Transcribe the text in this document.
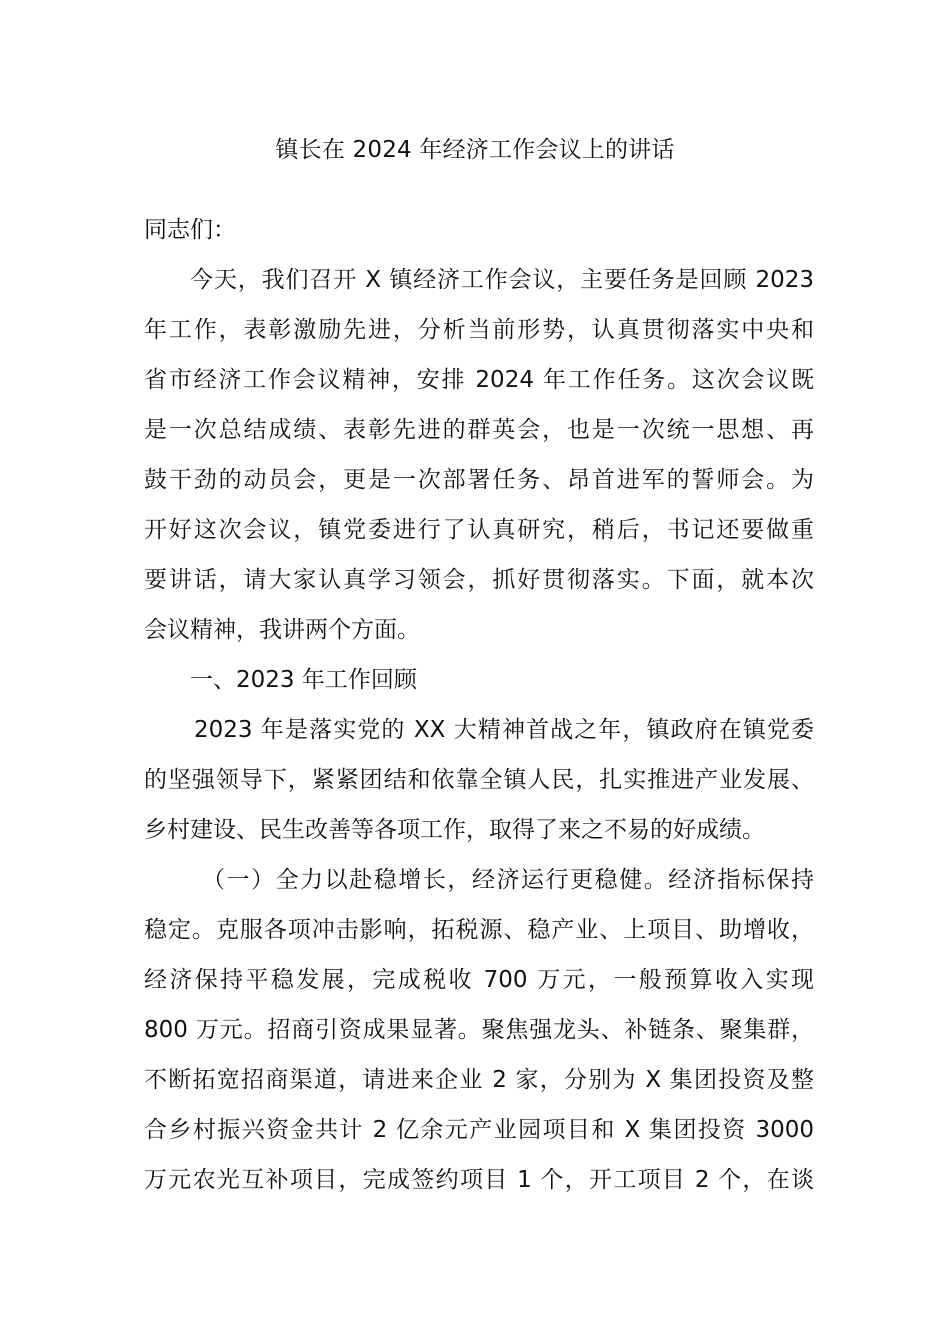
镇长在 2024 年经济工作会议上的讲话
同志们：
今天，我们召开 X 镇经济工作会议，主要任务是回顾 2023
年工作，表彰激励先进，分析当前形势，认真贯彻落实中央和
省市经济工作会议精神，安排 2024 年工作任务。这次会议既
是一次总结成绩、表彰先进的群英会，也是一次统一思想、再
鼓干劲的动员会，更是一次部署任务、昂首进军的誓师会。为
开好这次会议，镇党委进行了认真研究，稍后，书记还要做重
要讲话，请大家认真学习领会，抓好贯彻落实。下面，就本次
会议精神，我讲两个方面。
一、2023 年工作回顾
2023 年是落实党的 XX 大精神首战之年，镇政府在镇党委
的坚强领导下，紧紧团结和依靠全镇人民，扎实推进产业发展、
乡村建设、民生改善等各项工作，取得了来之不易的好成绩。
（一）全力以赴稳增长，经济运行更稳健。经济指标保持
稳定。克服各项冲击影响，拓税源、稳产业、上项目、助增收，
经济保持平稳发展，完成税收 700 万元，一般预算收入实现
800 万元。招商引资成果显著。聚焦强龙头、补链条、聚集群，
不断拓宽招商渠道，请进来企业 2 家，分别为 X 集团投资及整
合乡村振兴资金共计 2 亿余元产业园项目和 X 集团投资 3000
万元农光互补项目，完成签约项目 1 个，开工项目 2 个，在谈
